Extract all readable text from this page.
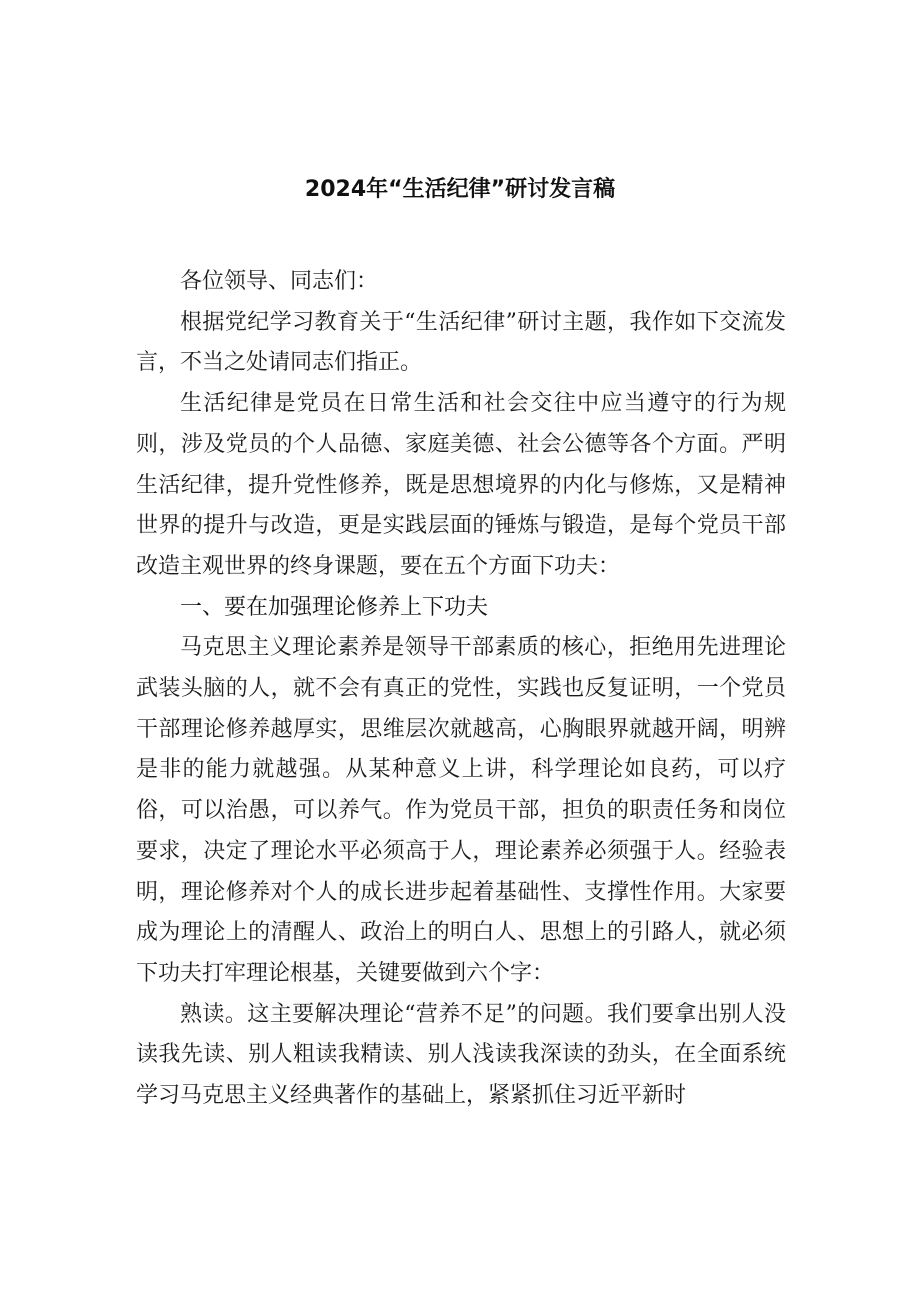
2024年“生活纪律”研讨发言稿

各位领导、同志们：

根据党纪学习教育关于“生活纪律”研讨主题，我作如下交流发言，不当之处请同志们指正。

生活纪律是党员在日常生活和社会交往中应当遵守的行为规则，涉及党员的个人品德、家庭美德、社会公德等各个方面。严明生活纪律，提升党性修养，既是思想境界的内化与修炼，又是精神世界的提升与改造，更是实践层面的锤炼与锻造，是每个党员干部改造主观世界的终身课题，要在五个方面下功夫：

一、要在加强理论修养上下功夫

马克思主义理论素养是领导干部素质的核心，拒绝用先进理论武装头脑的人，就不会有真正的党性，实践也反复证明，一个党员干部理论修养越厚实，思维层次就越高，心胸眼界就越开阔，明辨是非的能力就越强。从某种意义上讲，科学理论如良药，可以疗俗，可以治愚，可以养气。作为党员干部，担负的职责任务和岗位要求，决定了理论水平必须高于人，理论素养必须强于人。经验表明，理论修养对个人的成长进步起着基础性、支撑性作用。大家要成为理论上的清醒人、政治上的明白人、思想上的引路人，就必须下功夫打牢理论根基，关键要做到六个字：

熟读。这主要解决理论“营养不足”的问题。我们要拿出别人没读我先读、别人粗读我精读、别人浅读我深读的劲头，在全面系统学习马克思主义经典著作的基础上，紧紧抓住习近平新时
